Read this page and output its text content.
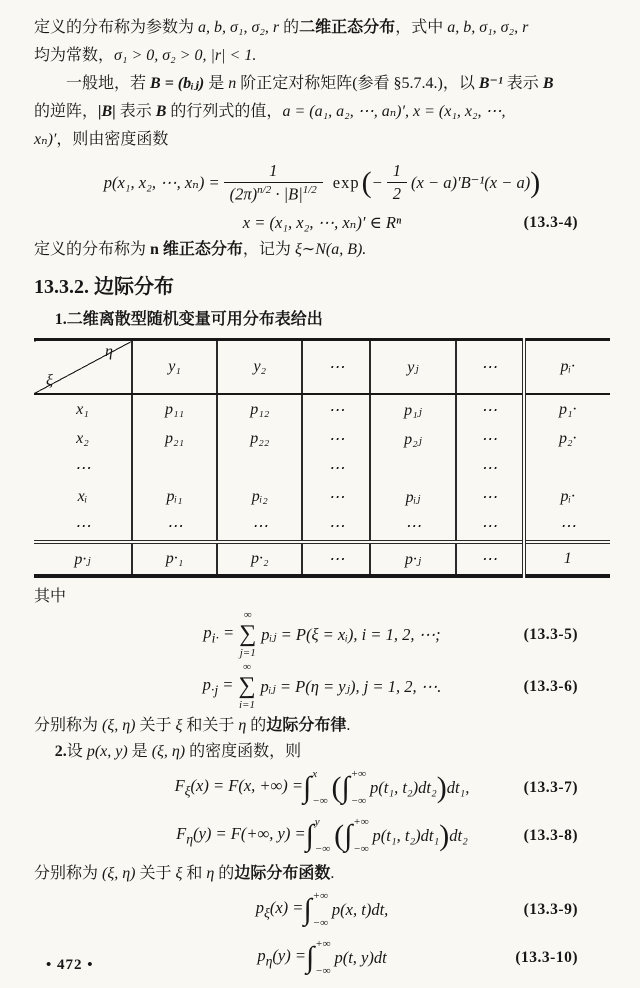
定义的分布称为参数为 a, b, σ₁, σ₂, r 的二维正态分布，式中 a, b, σ₁, σ₂, r
均为常数，σ₁ > 0, σ₂ > 0, |r| < 1.
一般地，若 B = (bᵢⱼ) 是 n 阶正定对称矩阵(参看 §5.7.4.)，以 B⁻¹ 表示 B
的逆阵，|B| 表示 B 的行列式的值，a = (a₁, a₂, ⋯, aₙ)′, x = (x₁, x₂, ⋯,
xₙ)′，则由密度函数
p(x₁, x₂, ⋯, $x_n) = \frac{1}{(2\pi)^{n/2} \cdot |B|^{1/2}}$ exp ( − $\frac{1}{2} (x - a)'B^{-1}(x - a)$ )
x = (x₁, x₂, ⋯, xₙ)′ ∈ Rⁿ	(13.3-4)
定义的分布称为 n 维正态分布，记为 ξ∼N(a, B).
13.3.2. 边际分布
1.二维离散型随机变量可用分布表给出
η
ξ	y₁	y₂	⋯	yⱼ	⋯	pᵢ·
x₁	p₁₁	p₁₂	⋯	p₁ⱼ	⋯	p₁·
x₂	p₂₁	p₂₂	⋯	p₂ⱼ	⋯	p₂·
⋯			⋯		⋯	
xᵢ	pᵢ₁	pᵢ₂	⋯	pᵢⱼ	⋯	pᵢ·
⋯	⋯	⋯	⋯	⋯	⋯	⋯
p·ⱼ	p·₁	p·₂	⋯	p·ⱼ	⋯	1
其中
$p_{i\cdot}$ =
∞
∑
j=1
pᵢⱼ = P(ξ = xᵢ), i = 1, 2, ⋯;	(13.3-5)
$p_{\cdot j}$ =
∞
∑
i=1
pᵢⱼ = P(η = yⱼ), j = 1, 2, ⋯.	(13.3-6)
分别称为 (ξ, η) 关于 ξ 和关于 η 的边际分布律.
2.设 p(x, y) 是 (ξ, η) 的密度函数，则
$F_\xi(x) = F(x$, +∞) = ∫ x
−∞ ( ∫ +∞
−∞
p(t₁, t₂)dt₂ ) dt₁,	(13.3-7)
$F_\eta(y) = F(+\infty$, y) = ∫ y
−∞ ( ∫ +∞
−∞
p(t₁, t₂)dt₁ ) dt₂	(13.3-8)
分别称为 (ξ, η) 关于 ξ 和 η 的边际分布函数.
$p_\xi(x)$ = ∫ +∞
−∞
p(x, t)dt,	(13.3-9)
$p_\eta(y)$ = ∫ +∞
−∞
p(t, y)dt	(13.3-10)
• 472 •
